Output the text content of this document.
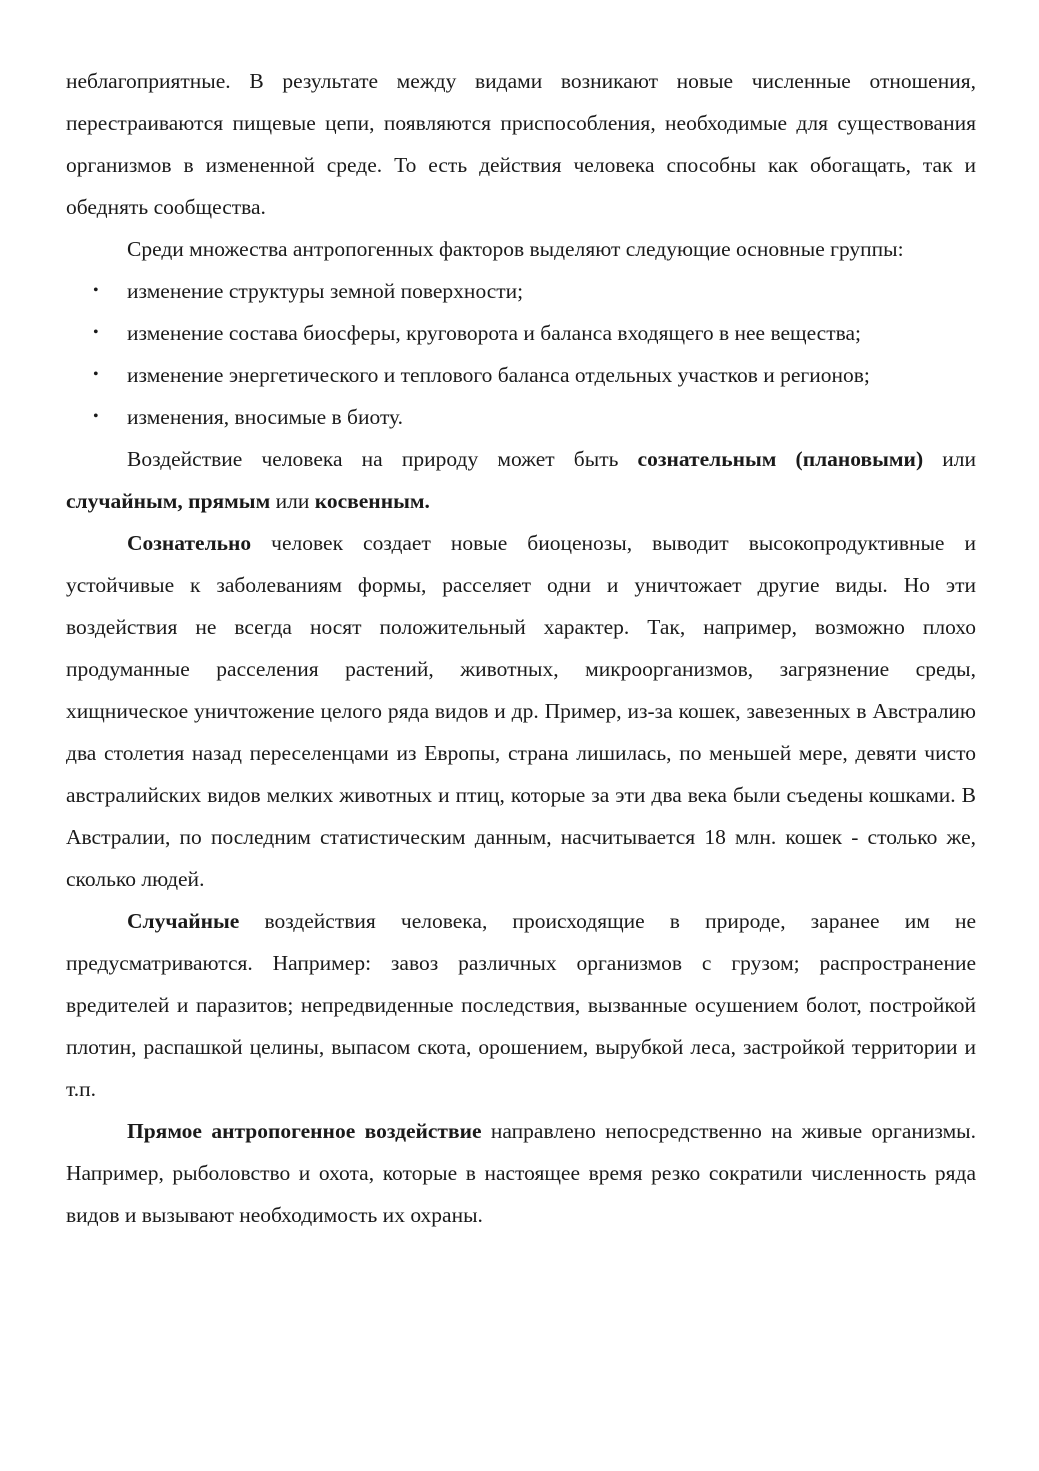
неблагоприятные. В результате между видами возникают новые численные отношения, перестраиваются пищевые цепи, появляются приспособления, необходимые для существования организмов в измененной среде. То есть действия человека способны как обогащать, так и обеднять сообщества.

Среди множества антропогенных факторов выделяют следующие основные группы:

• изменение структуры земной поверхности;
• изменение состава биосферы, круговорота и баланса входящего в нее вещества;
• изменение энергетического и теплового баланса отдельных участков и регионов;
• изменения, вносимые в биоту.

Воздействие человека на природу может быть сознательным (плановыми) или случайным, прямым или косвенным.

Сознательно человек создает новые биоценозы, выводит высокопродуктивные и устойчивые к заболеваниям формы, расселяет одни и уничтожает другие виды. Но эти воздействия не всегда носят положительный характер. Так, например, возможно плохо продуманные расселения растений, животных, микроорганизмов, загрязнение среды, хищническое уничтожение целого ряда видов и др. Пример, из-за кошек, завезенных в Австралию два столетия назад переселенцами из Европы, страна лишилась, по меньшей мере, девяти чисто австралийских видов мелких животных и птиц, которые за эти два века были съедены кошками. В Австралии, по последним статистическим данным, насчитывается 18 млн. кошек - столько же, сколько людей.

Случайные воздействия человека, происходящие в природе, заранее им не предусматриваются. Например: завоз различных организмов с грузом; распространение вредителей и паразитов; непредвиденные последствия, вызванные осушением болот, постройкой плотин, распашкой целины, выпасом скота, орошением, вырубкой леса, застройкой территории и т.п.

Прямое антропогенное воздействие направлено непосредственно на живые организмы. Например, рыболовство и охота, которые в настоящее время резко сократили численность ряда видов и вызывают необходимость их охраны.
